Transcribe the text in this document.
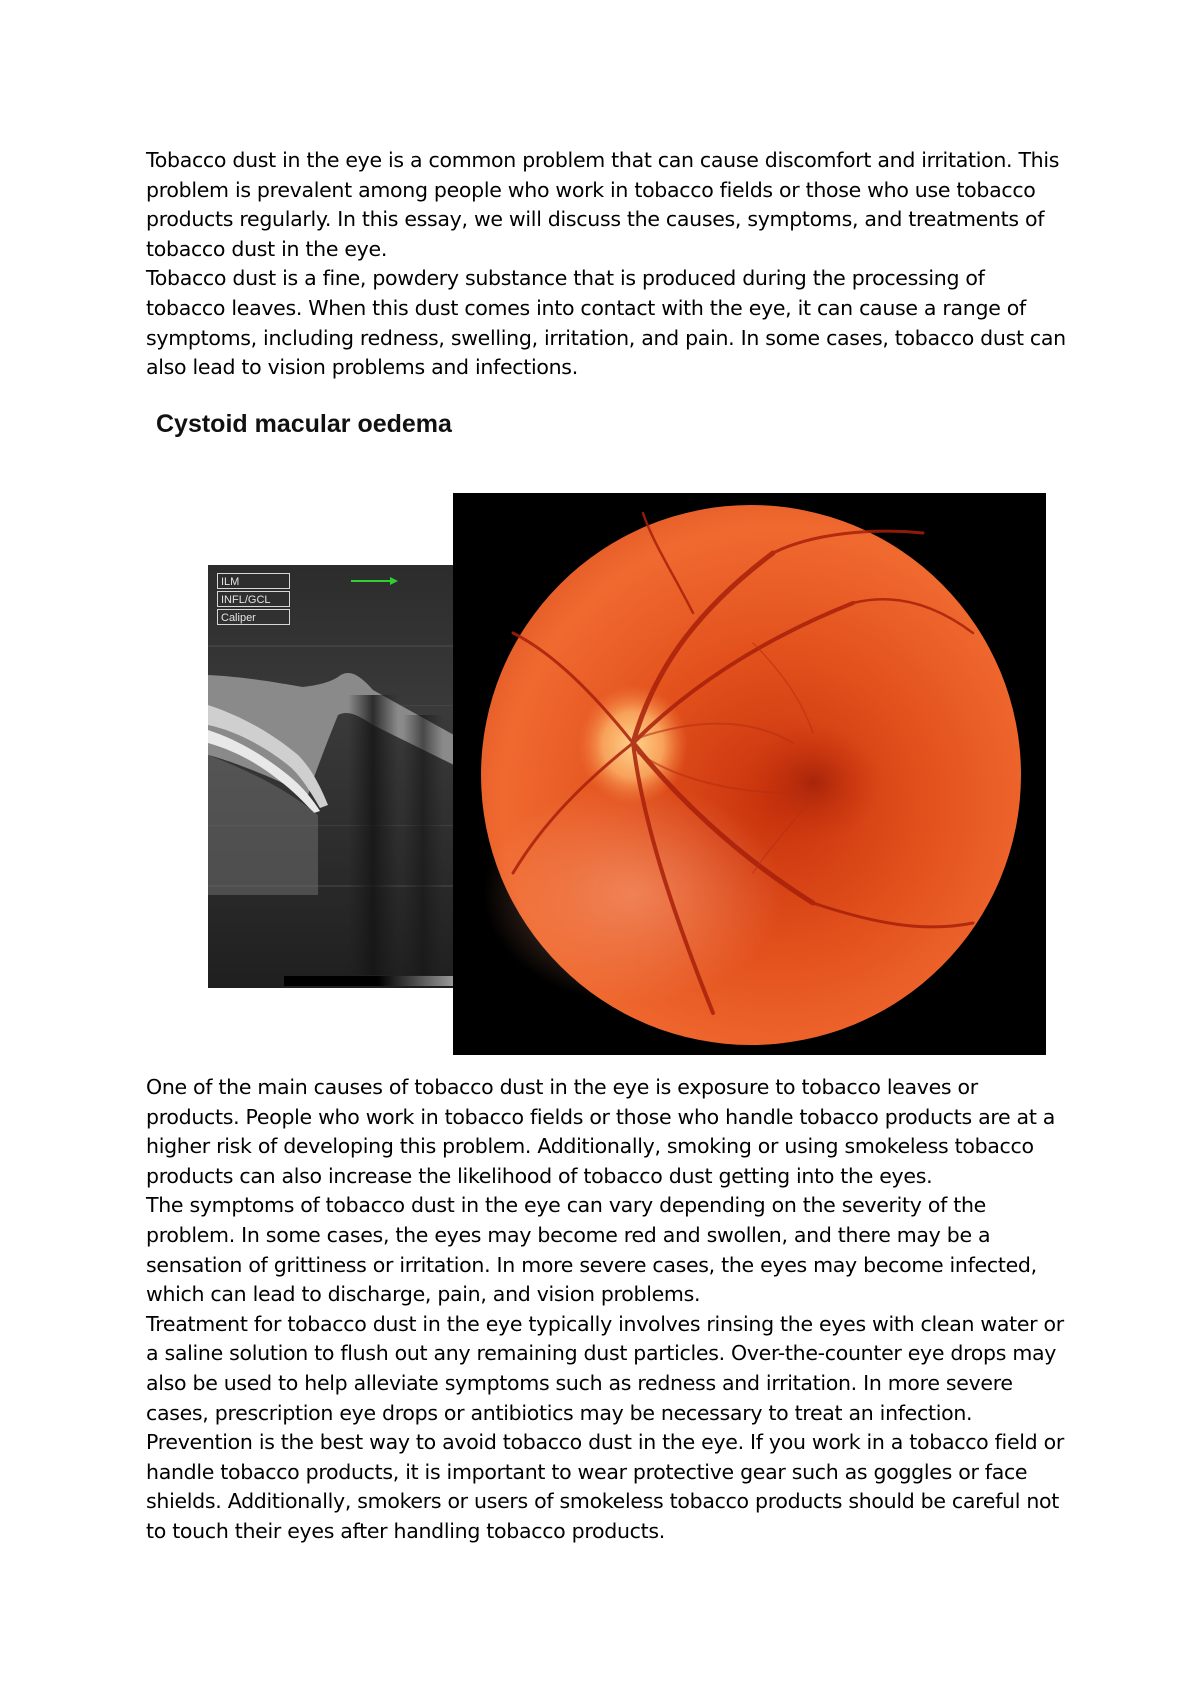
Tobacco dust in the eye is a common problem that can cause discomfort and irritation. This problem is prevalent among people who work in tobacco fields or those who use tobacco products regularly. In this essay, we will discuss the causes, symptoms, and treatments of tobacco dust in the eye.

Tobacco dust is a fine, powdery substance that is produced during the processing of tobacco leaves. When this dust comes into contact with the eye, it can cause a range of symptoms, including redness, swelling, irritation, and pain. In some cases, tobacco dust can also lead to vision problems and infections.

Cystoid macular oedema
ILM
INFL/GCL
Caliper

One of the main causes of tobacco dust in the eye is exposure to tobacco leaves or products. People who work in tobacco fields or those who handle tobacco products are at a higher risk of developing this problem. Additionally, smoking or using smokeless tobacco products can also increase the likelihood of tobacco dust getting into the eyes.

The symptoms of tobacco dust in the eye can vary depending on the severity of the problem. In some cases, the eyes may become red and swollen, and there may be a sensation of grittiness or irritation. In more severe cases, the eyes may become infected, which can lead to discharge, pain, and vision problems.

Treatment for tobacco dust in the eye typically involves rinsing the eyes with clean water or a saline solution to flush out any remaining dust particles. Over-the-counter eye drops may also be used to help alleviate symptoms such as redness and irritation. In more severe cases, prescription eye drops or antibiotics may be necessary to treat an infection.

Prevention is the best way to avoid tobacco dust in the eye. If you work in a tobacco field or handle tobacco products, it is important to wear protective gear such as goggles or face shields. Additionally, smokers or users of smokeless tobacco products should be careful not to touch their eyes after handling tobacco products.
